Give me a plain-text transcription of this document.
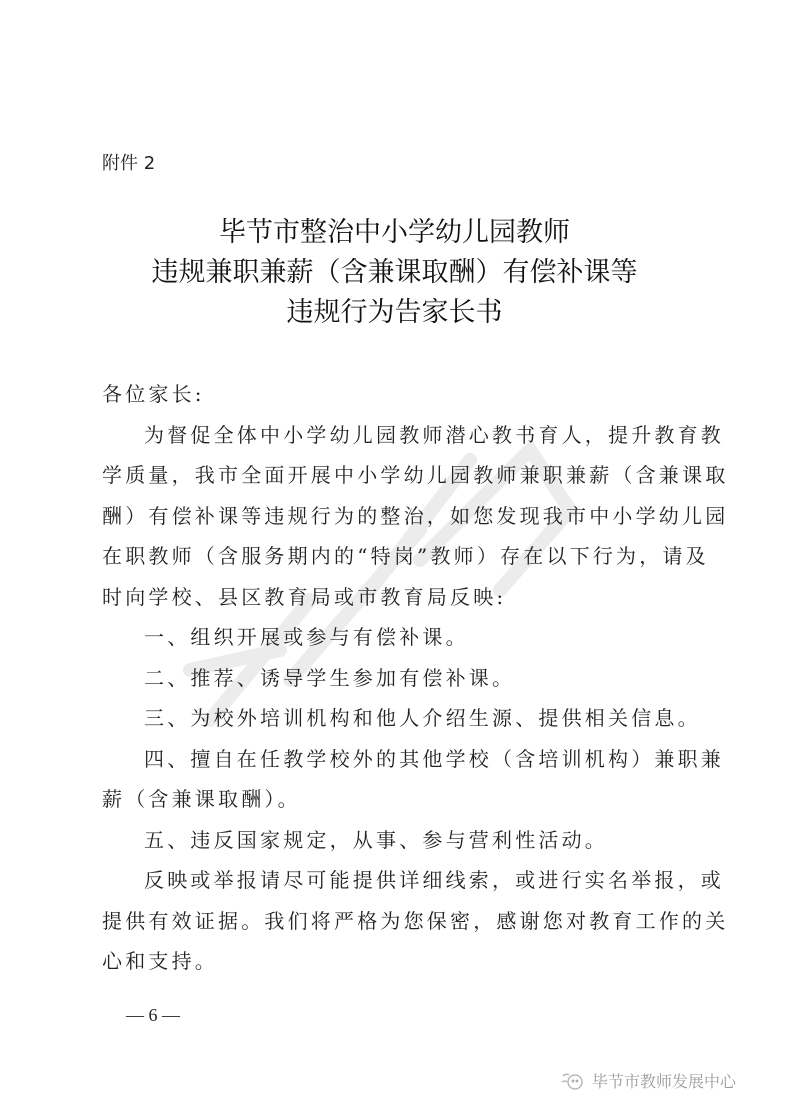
附件 2
毕节市整治中小学幼儿园教师
违规兼职兼薪（含兼课取酬）有偿补课等
违规行为告家长书

各位家长:

为督促全体中小学幼儿园教师潜心教书育人，提升教育教

学质量，我市全面开展中小学幼儿园教师兼职兼薪（含兼课取

酬）有偿补课等违规行为的整治，如您发现我市中小学幼儿园

在职教师（含服务期内的“特岗”教师）存在以下行为，请及

时向学校、县区教育局或市教育局反映:

一、组织开展或参与有偿补课。

二、推荐、诱导学生参加有偿补课。

三、为校外培训机构和他人介绍生源、提供相关信息。

四、擅自在任教学校外的其他学校（含培训机构）兼职兼

薪（含兼课取酬）。

五、违反国家规定，从事、参与营利性活动。

反映或举报请尽可能提供详细线索，或进行实名举报，或

提供有效证据。我们将严格为您保密，感谢您对教育工作的关

心和支持。

— 6 —
毕节市教师发展中心
